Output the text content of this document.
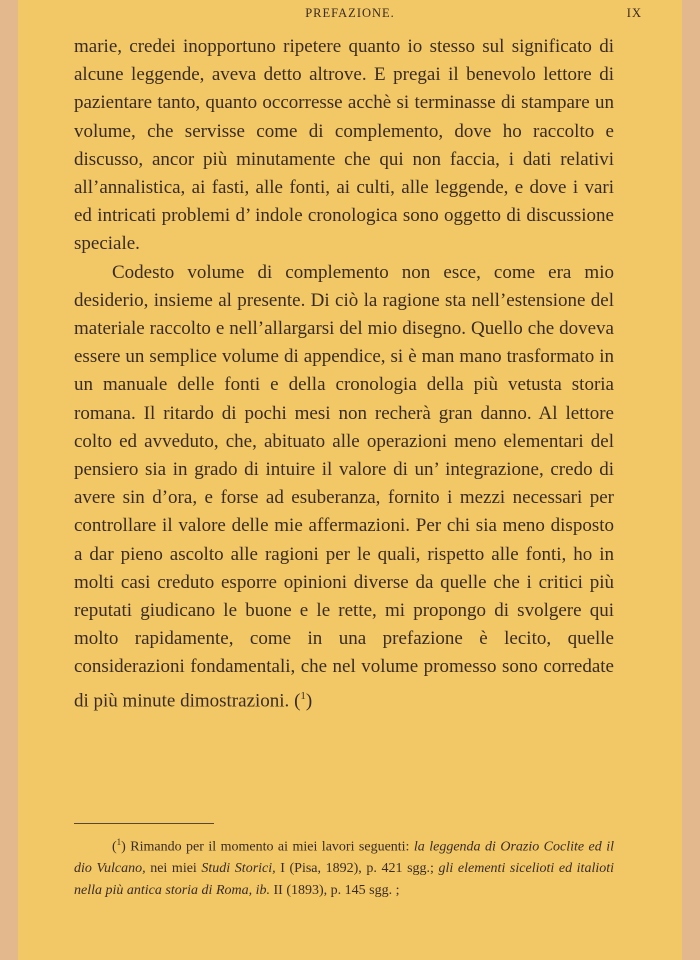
PREFAZIONE.	IX

marie, credei inopportuno ripetere quanto io stesso sul significato di alcune leggende, aveva detto altrove. E pregai il benevolo lettore di pazientare tanto, quanto occorresse acchè si terminasse di stampare un volume, che servisse come di complemento, dove ho raccolto e discusso, ancor più minutamente che qui non faccia, i dati relativi all’annalistica, ai fasti, alle fonti, ai culti, alle leggende, e dove i vari ed intricati problemi d’ indole cronologica sono oggetto di discussione speciale.

Codesto volume di complemento non esce, come era mio desiderio, insieme al presente. Di ciò la ragione sta nell’estensione del materiale raccolto e nell’allargarsi del mio disegno. Quello che doveva essere un semplice volume di appendice, si è man mano trasformato in un manuale delle fonti e della cronologia della più vetusta storia romana. Il ritardo di pochi mesi non recherà gran danno. Al lettore colto ed avveduto, che, abituato alle operazioni meno elementari del pensiero sia in grado di intuire il valore di un’ integrazione, credo di avere sin d’ora, e forse ad esuberanza, fornito i mezzi necessari per controllare il valore delle mie affermazioni. Per chi sia meno disposto a dar pieno ascolto alle ragioni per le quali, rispetto alle fonti, ho in molti casi creduto esporre opinioni diverse da quelle che i critici più reputati giudicano le buone e le rette, mi propongo di svolgere qui molto rapidamente, come in una prefazione è lecito, quelle considerazioni fondamentali, che nel volume promesso sono corredate di più minute dimostrazioni. ($^1$)

($^1$) Rimando per il momento ai miei lavori seguenti: la leggenda di Orazio Coclite ed il dio Vulcano, nei miei Studi Storici, I (Pisa, 1892), p. 421 sgg.; gli elementi sicelioti ed italioti nella più antica storia di Roma, ib. II (1893), p. 145 sgg. ;
